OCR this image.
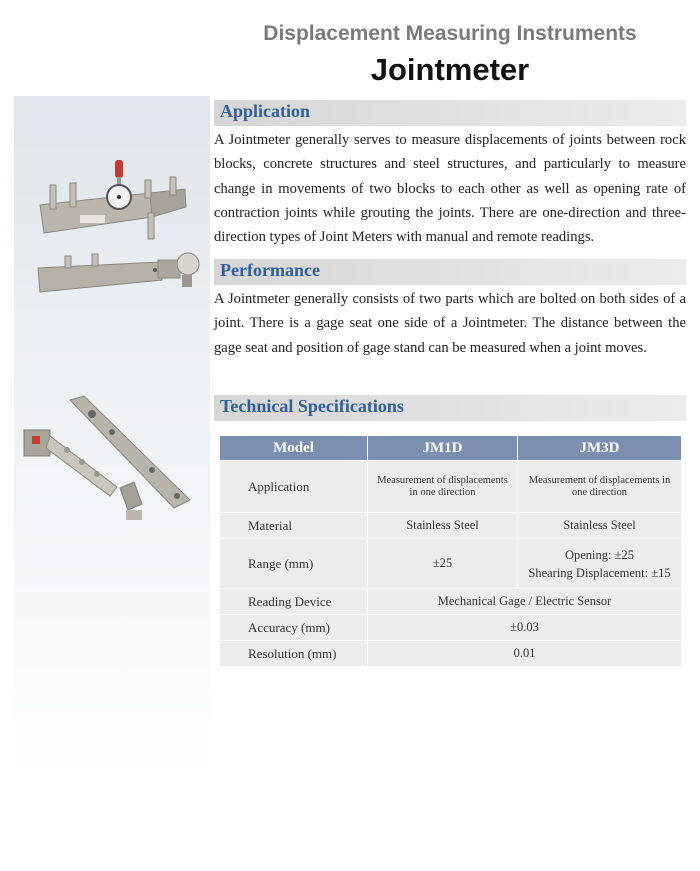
Displacement Measuring Instruments
Jointmeter
Application
A Jointmeter generally serves to measure displacements of joints between rock blocks, concrete structures and steel structures, and particularly to measure change in movements of two blocks to each other as well as opening rate of contraction joints while grouting the joints. There are one-direction and three-direction types of Joint Meters with manual and remote readings.
Performance
A Jointmeter generally consists of two parts which are bolted on both sides of a joint. There is a gage seat one side of a Jointmeter. The distance between the gage seat and position of gage stand can be measured when a joint moves.
Technical Specifications
Model	JM1D	JM3D
Application	Measurement of displacements in one direction	Measurement of displacements in one direction
Material	Stainless Steel	Stainless Steel
Range (mm)	±25	Opening: ±25
Shearing Displacement: ±15

Reading Device	Mechanical Gage / Electric Sensor	
Accuracy (mm)	±0.03	
Resolution (mm)	0.01	
